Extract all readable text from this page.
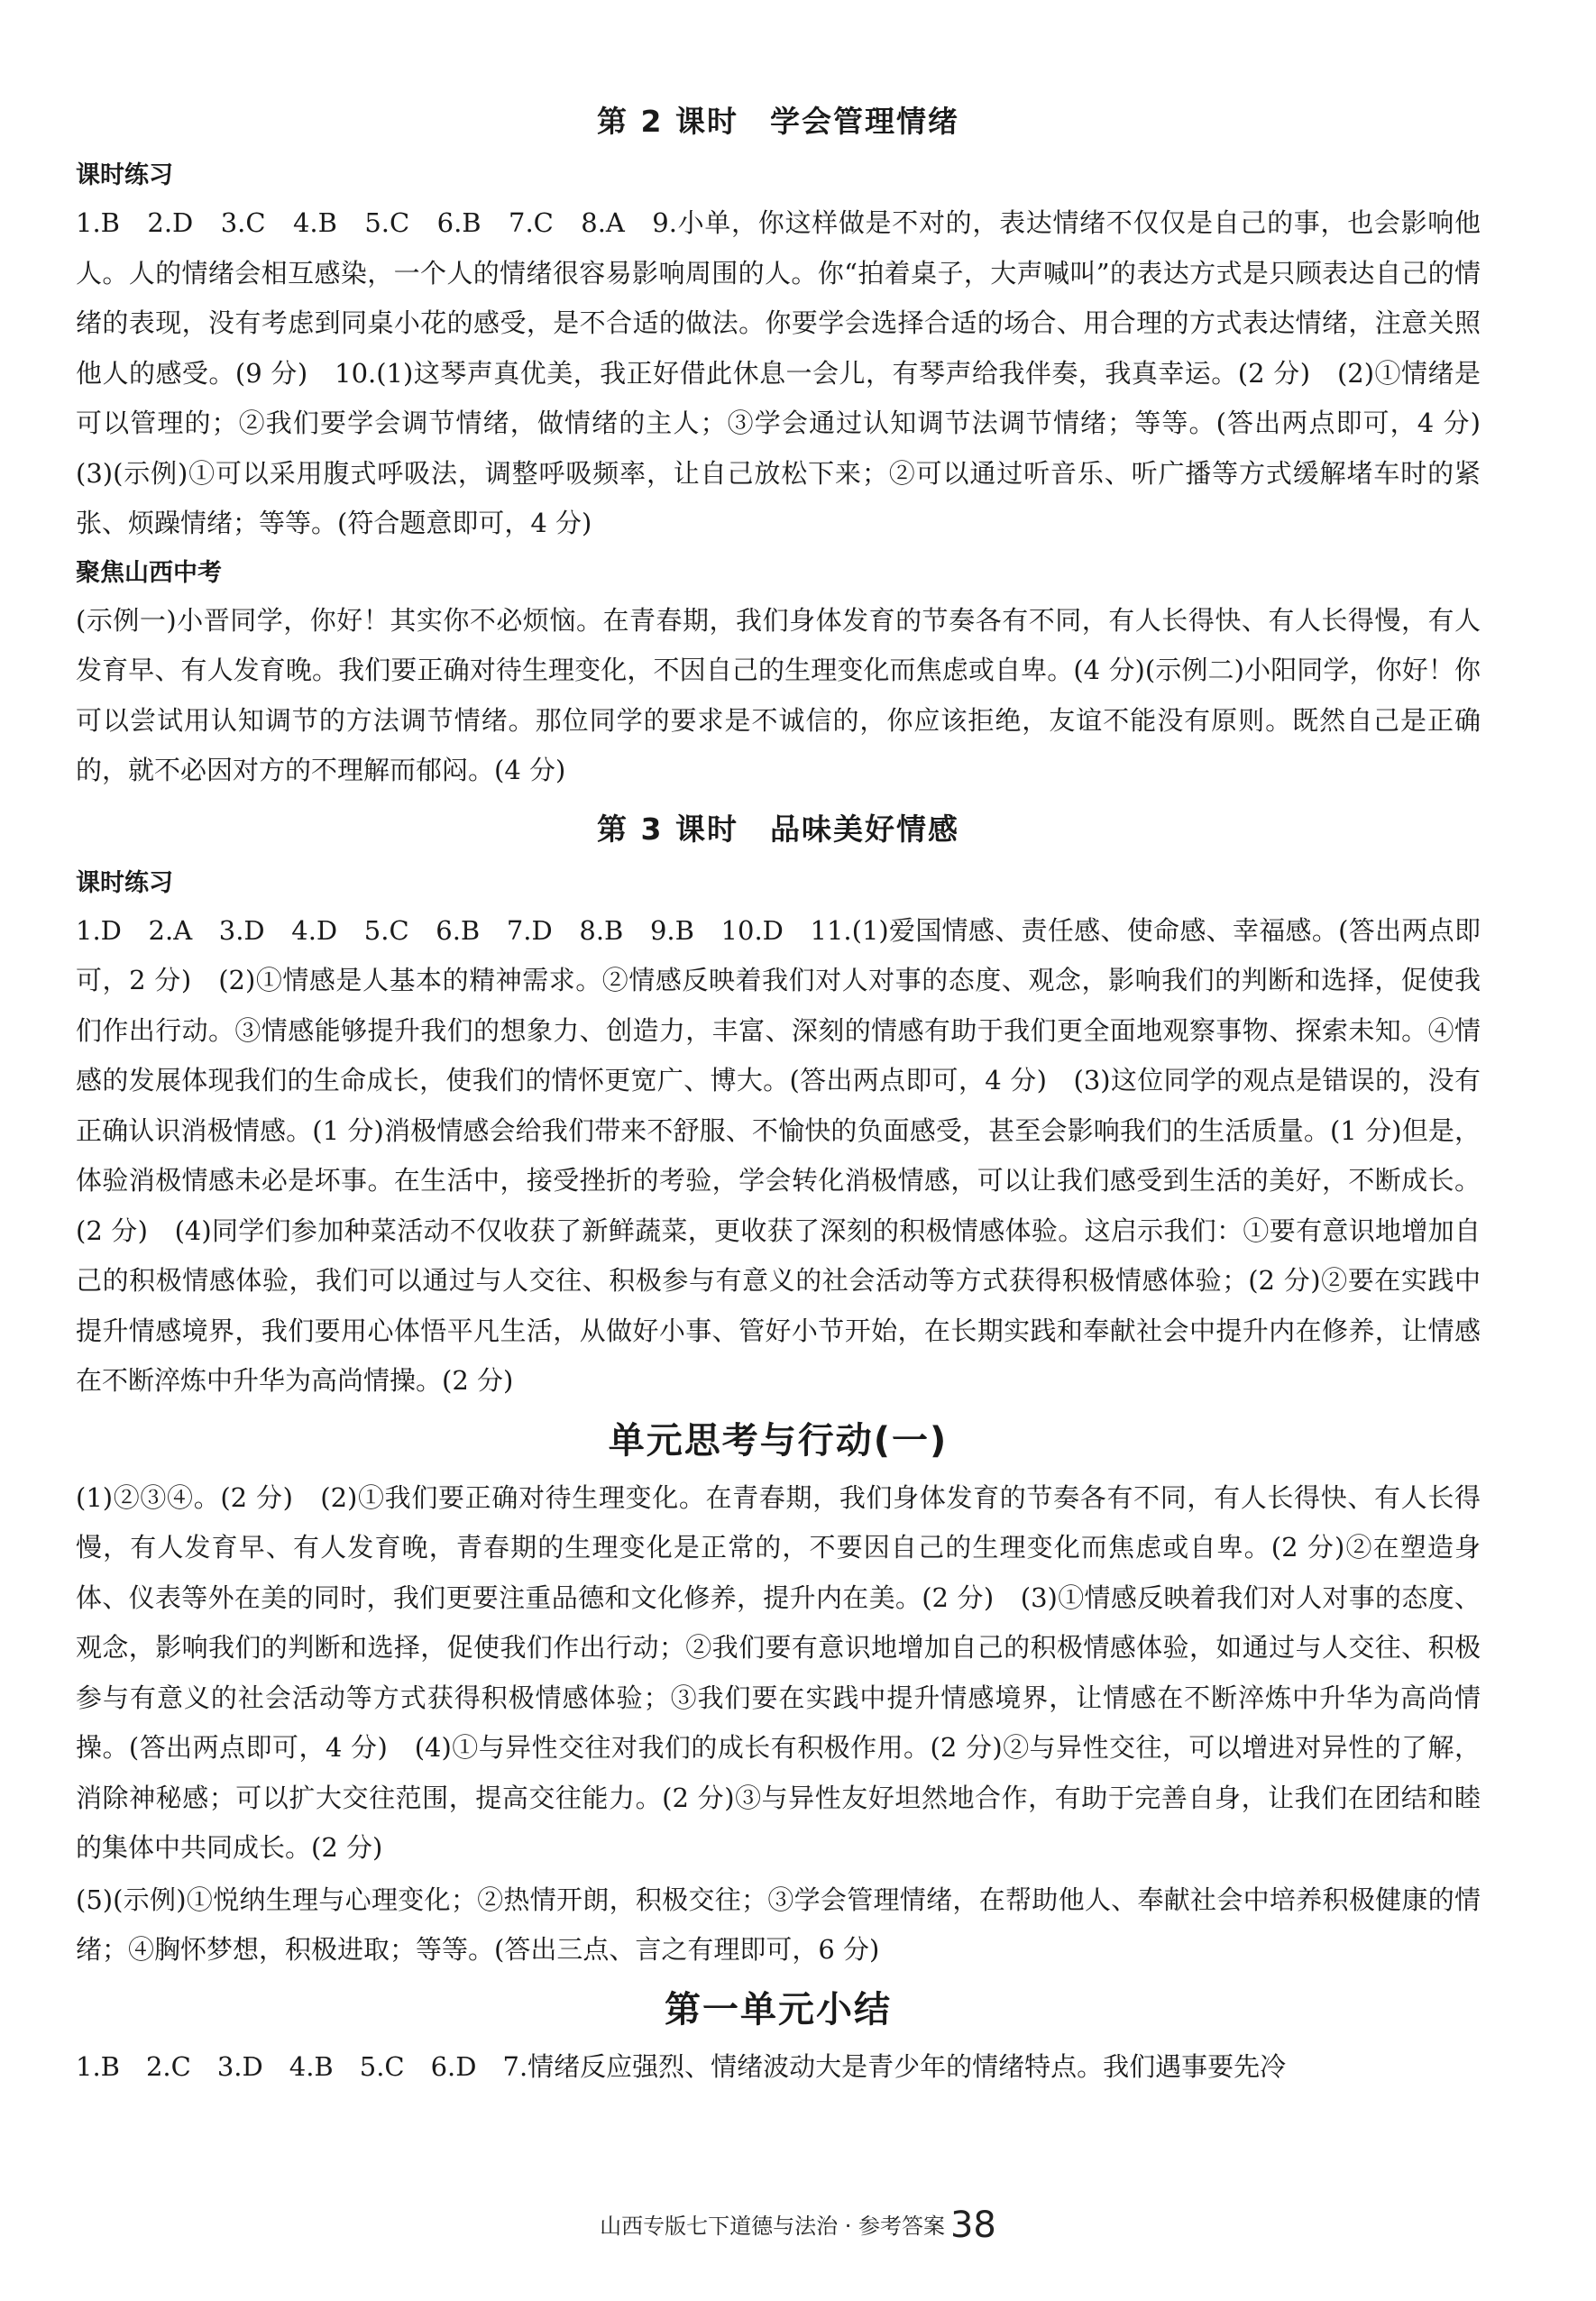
第 2 课时　学会管理情绪

课时练习

1.B　2.D　3.C　4.B　5.C　6.B　7.C　8.A　9.小单，你这样做是不对的，表达情绪不仅仅是自己的事，也会影响他人。人的情绪会相互感染，一个人的情绪很容易影响周围的人。你“拍着桌子，大声喊叫”的表达方式是只顾表达自己的情绪的表现，没有考虑到同桌小花的感受，是不合适的做法。你要学会选择合适的场合、用合理的方式表达情绪，注意关照他人的感受。(9 分)　10.(1)这琴声真优美，我正好借此休息一会儿，有琴声给我伴奏，我真幸运。(2 分)　(2)①情绪是可以管理的；②我们要学会调节情绪，做情绪的主人；③学会通过认知调节法调节情绪；等等。(答出两点即可，4 分)　(3)(示例)①可以采用腹式呼吸法，调整呼吸频率，让自己放松下来；②可以通过听音乐、听广播等方式缓解堵车时的紧张、烦躁情绪；等等。(符合题意即可，4 分)

聚焦山西中考

(示例一)小晋同学，你好！其实你不必烦恼。在青春期，我们身体发育的节奏各有不同，有人长得快、有人长得慢，有人发育早、有人发育晚。我们要正确对待生理变化，不因自己的生理变化而焦虑或自卑。(4 分)(示例二)小阳同学，你好！你可以尝试用认知调节的方法调节情绪。那位同学的要求是不诚信的，你应该拒绝，友谊不能没有原则。既然自己是正确的，就不必因对方的不理解而郁闷。(4 分)

第 3 课时　品味美好情感

课时练习

1.D　2.A　3.D　4.D　5.C　6.B　7.D　8.B　9.B　10.D　11.(1)爱国情感、责任感、使命感、幸福感。(答出两点即可，2 分)　(2)①情感是人基本的精神需求。②情感反映着我们对人对事的态度、观念，影响我们的判断和选择，促使我们作出行动。③情感能够提升我们的想象力、创造力，丰富、深刻的情感有助于我们更全面地观察事物、探索未知。④情感的发展体现我们的生命成长，使我们的情怀更宽广、博大。(答出两点即可，4 分)　(3)这位同学的观点是错误的，没有正确认识消极情感。(1 分)消极情感会给我们带来不舒服、不愉快的负面感受，甚至会影响我们的生活质量。(1 分)但是，体验消极情感未必是坏事。在生活中，接受挫折的考验，学会转化消极情感，可以让我们感受到生活的美好，不断成长。(2 分)　(4)同学们参加种菜活动不仅收获了新鲜蔬菜，更收获了深刻的积极情感体验。这启示我们：①要有意识地增加自己的积极情感体验，我们可以通过与人交往、积极参与有意义的社会活动等方式获得积极情感体验；(2 分)②要在实践中提升情感境界，我们要用心体悟平凡生活，从做好小事、管好小节开始，在长期实践和奉献社会中提升内在修养，让情感在不断淬炼中升华为高尚情操。(2 分)

单元思考与行动(一)

(1)②③④。(2 分)　(2)①我们要正确对待生理变化。在青春期，我们身体发育的节奏各有不同，有人长得快、有人长得慢，有人发育早、有人发育晚，青春期的生理变化是正常的，不要因自己的生理变化而焦虑或自卑。(2 分)②在塑造身体、仪表等外在美的同时，我们更要注重品德和文化修养，提升内在美。(2 分)　(3)①情感反映着我们对人对事的态度、观念，影响我们的判断和选择，促使我们作出行动；②我们要有意识地增加自己的积极情感体验，如通过与人交往、积极参与有意义的社会活动等方式获得积极情感体验；③我们要在实践中提升情感境界，让情感在不断淬炼中升华为高尚情操。(答出两点即可，4 分)　(4)①与异性交往对我们的成长有积极作用。(2 分)②与异性交往，可以增进对异性的了解，消除神秘感；可以扩大交往范围，提高交往能力。(2 分)③与异性友好坦然地合作，有助于完善自身，让我们在团结和睦的集体中共同成长。(2 分)

(5)(示例)①悦纳生理与心理变化；②热情开朗，积极交往；③学会管理情绪，在帮助他人、奉献社会中培养积极健康的情绪；④胸怀梦想，积极进取；等等。(答出三点、言之有理即可，6 分)

第一单元小结

1.B　2.C　3.D　4.B　5.C　6.D　7.情绪反应强烈、情绪波动大是青少年的情绪特点。我们遇事要先冷

山西专版七下道德与法治 · 参考答案 38
